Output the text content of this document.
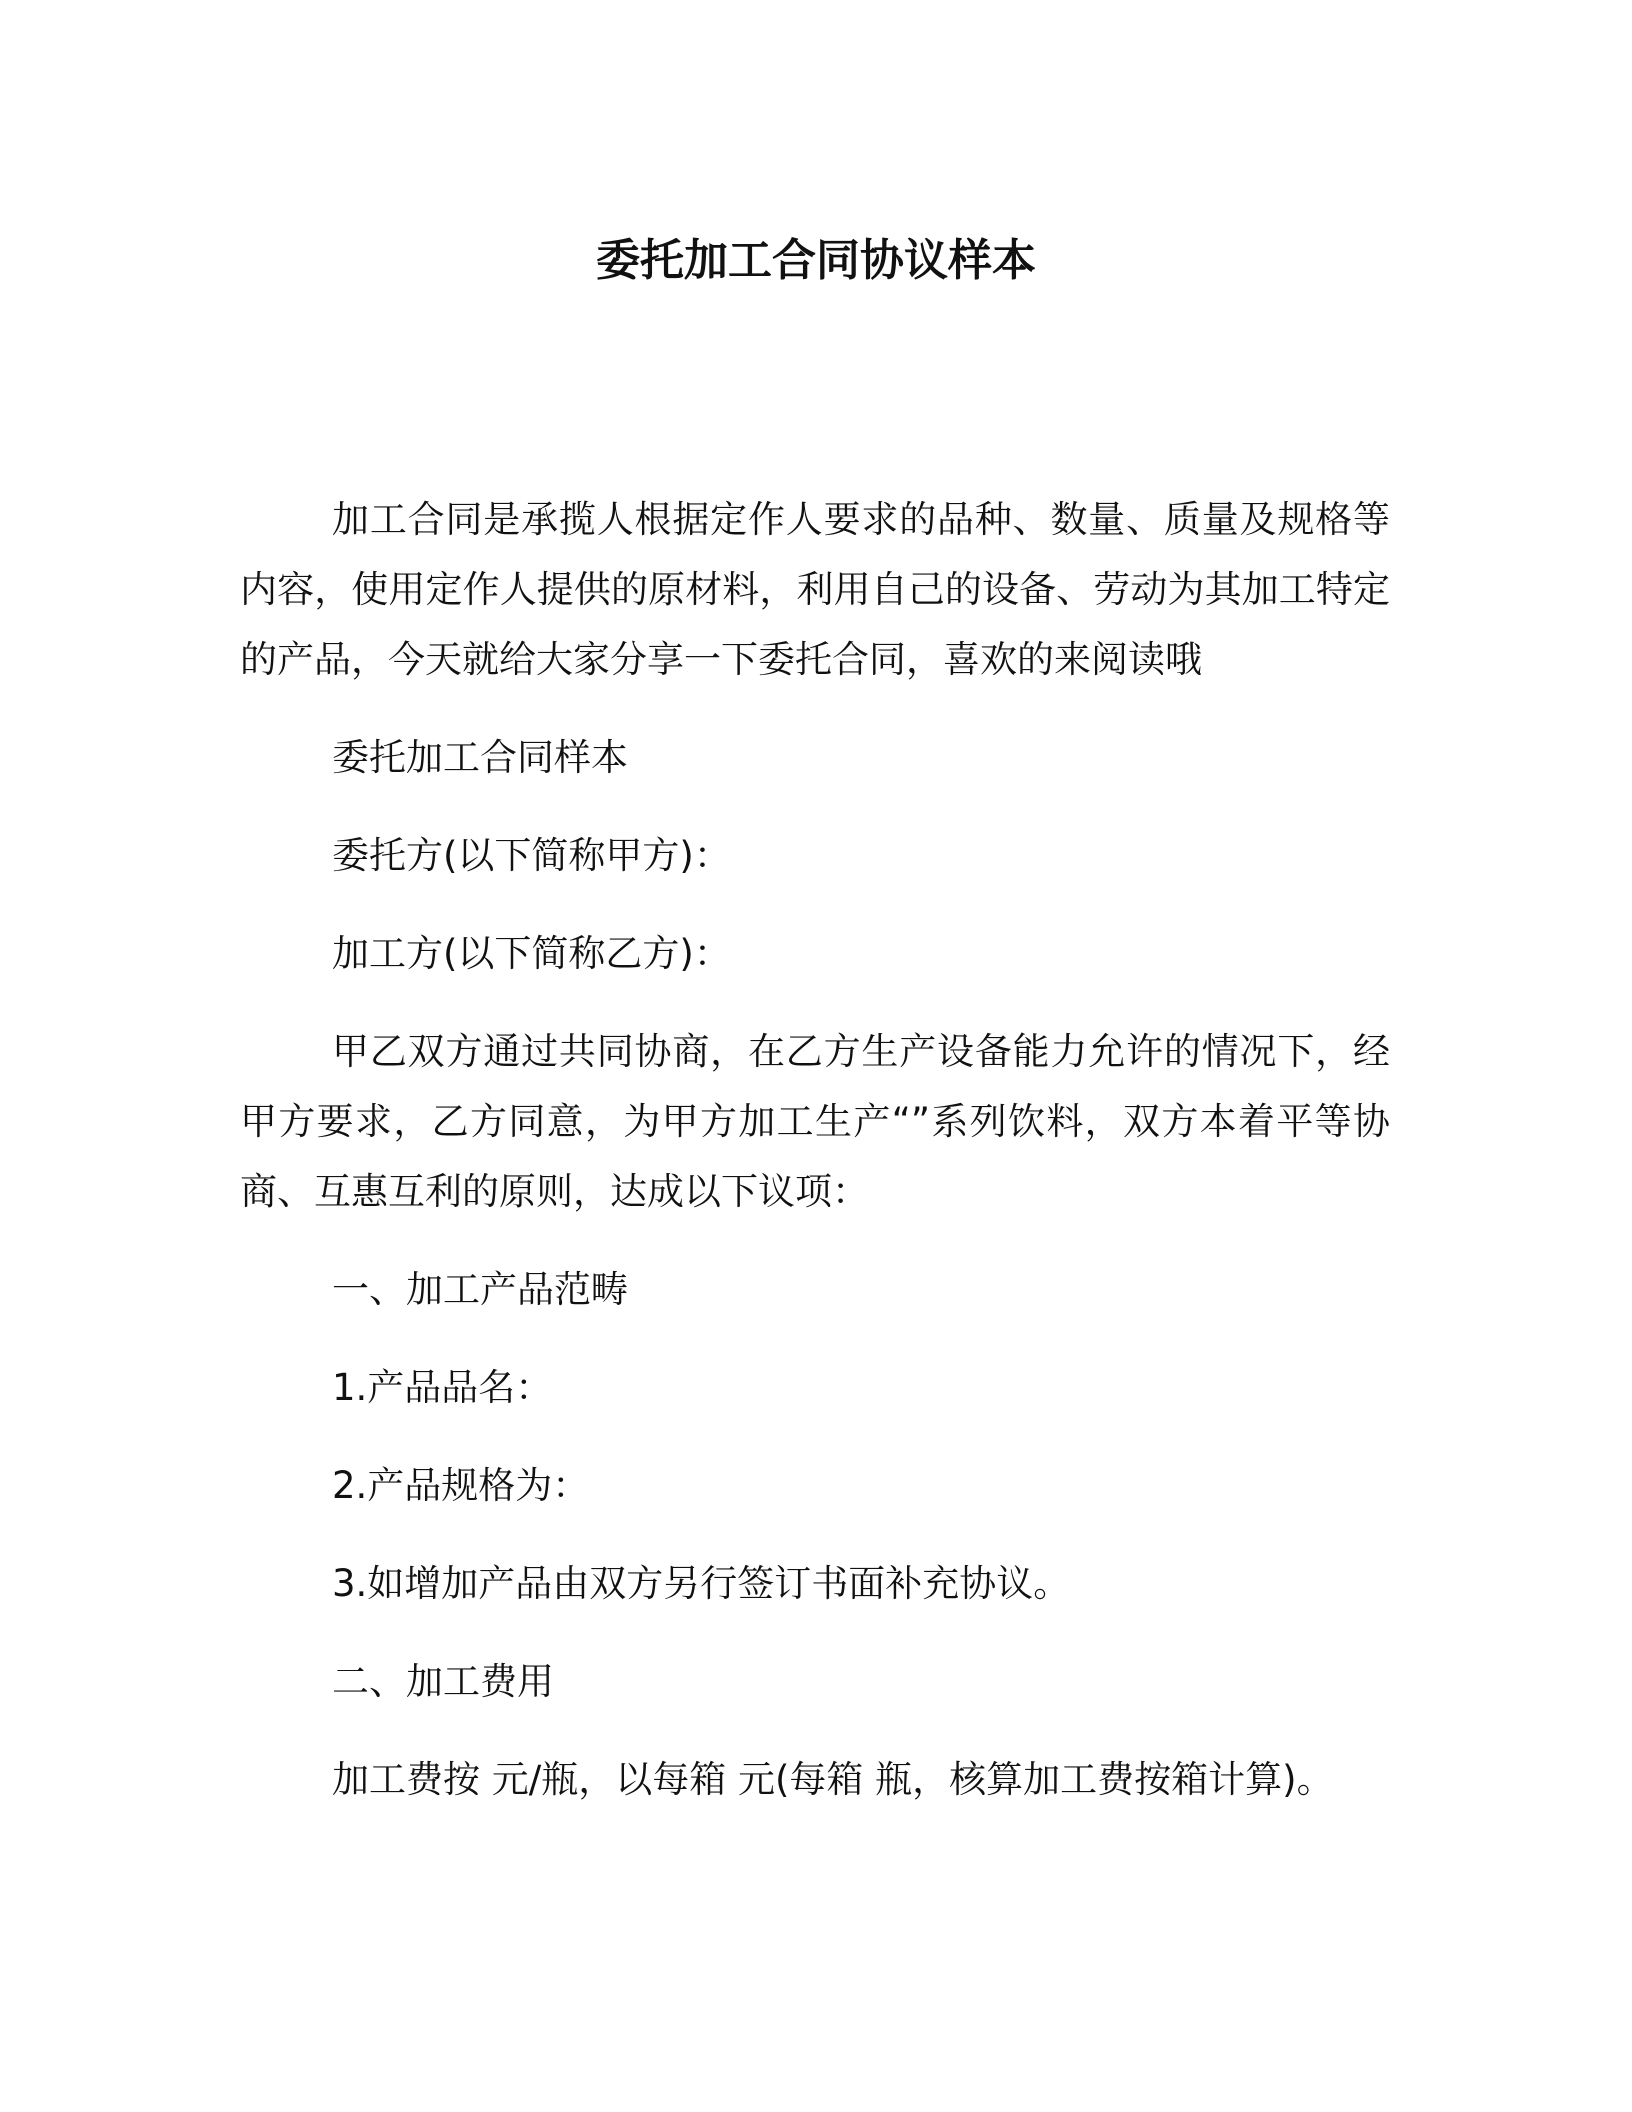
委托加工合同协议样本

加工合同是承揽人根据定作人要求的品种、数量、质量及规格等内容，使用定作人提供的原材料，利用自己的设备、劳动为其加工特定的产品，今天就给大家分享一下委托合同，喜欢的来阅读哦

委托加工合同样本

委托方(以下简称甲方)：

加工方(以下简称乙方)：

甲乙双方通过共同协商，在乙方生产设备能力允许的情况下，经甲方要求，乙方同意，为甲方加工生产“”系列饮料，双方本着平等协商、互惠互利的原则，达成以下议项：

一、加工产品范畴

1.产品品名：

2.产品规格为：

3.如增加产品由双方另行签订书面补充协议。

二、加工费用

加工费按 元/瓶，以每箱 元(每箱 瓶，核算加工费按箱计算)。
